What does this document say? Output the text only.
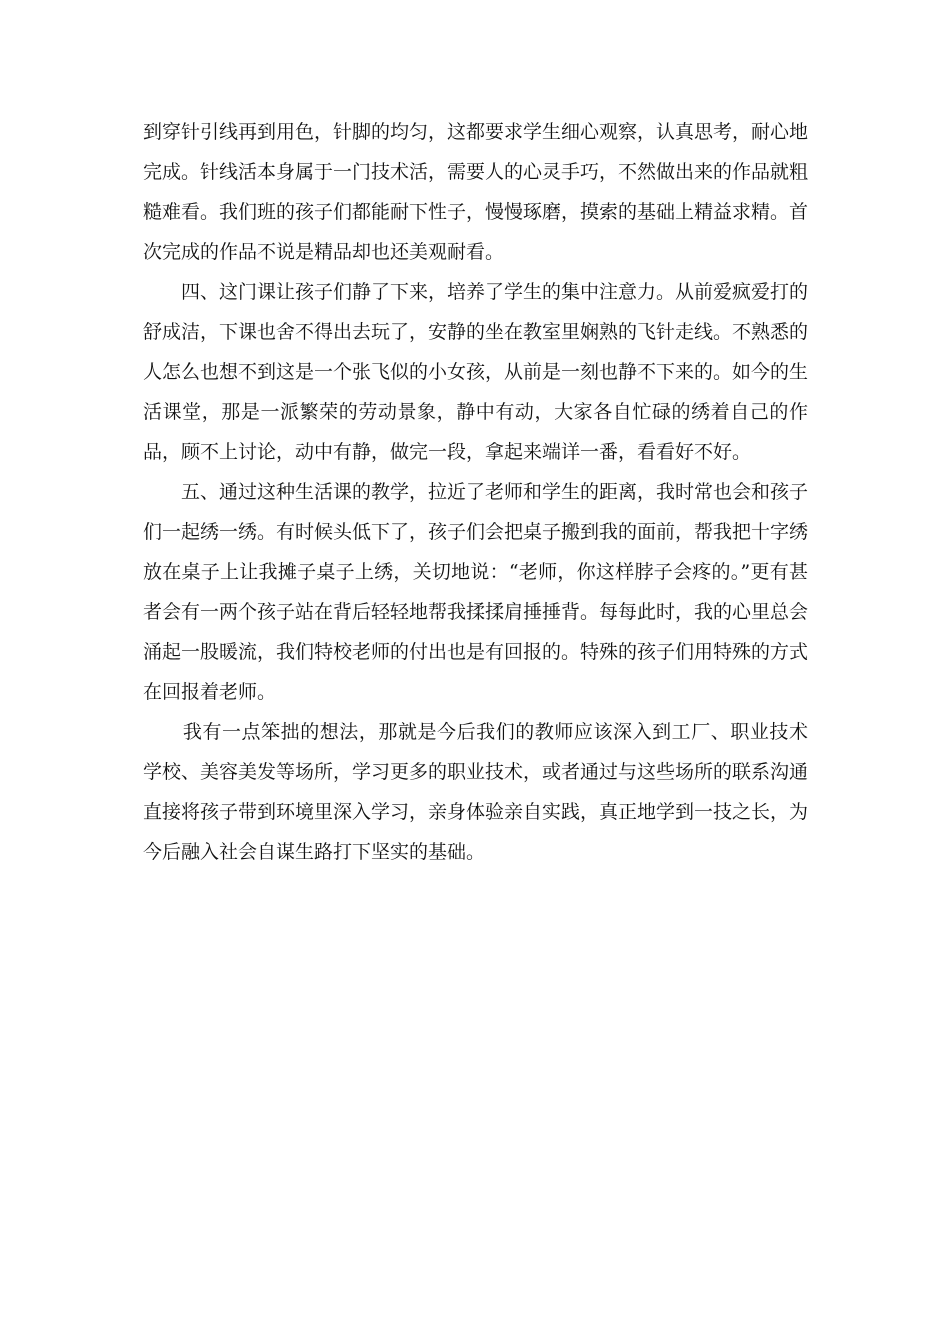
到穿针引线再到用色，针脚的均匀，这都要求学生细心观察，认真思考，耐心地完成。针线活本身属于一门技术活，需要人的心灵手巧，不然做出来的作品就粗糙难看。我们班的孩子们都能耐下性子，慢慢琢磨，摸索的基础上精益求精。首次完成的作品不说是精品却也还美观耐看。

四、这门课让孩子们静了下来，培养了学生的集中注意力。从前爱疯爱打的舒成洁，下课也舍不得出去玩了，安静的坐在教室里娴熟的飞针走线。不熟悉的人怎么也想不到这是一个张飞似的小女孩，从前是一刻也静不下来的。如今的生活课堂，那是一派繁荣的劳动景象，静中有动，大家各自忙碌的绣着自己的作品，顾不上讨论，动中有静，做完一段，拿起来端详一番，看看好不好。

五、通过这种生活课的教学，拉近了老师和学生的距离，我时常也会和孩子们一起绣一绣。有时候头低下了，孩子们会把桌子搬到我的面前，帮我把十字绣放在桌子上让我摊子桌子上绣，关切地说：“老师，你这样脖子会疼的。”更有甚者会有一两个孩子站在背后轻轻地帮我揉揉肩捶捶背。每每此时，我的心里总会涌起一股暖流，我们特校老师的付出也是有回报的。特殊的孩子们用特殊的方式在回报着老师。

我有一点笨拙的想法，那就是今后我们的教师应该深入到工厂、职业技术学校、美容美发等场所，学习更多的职业技术，或者通过与这些场所的联系沟通直接将孩子带到环境里深入学习，亲身体验亲自实践，真正地学到一技之长，为今后融入社会自谋生路打下坚实的基础。
